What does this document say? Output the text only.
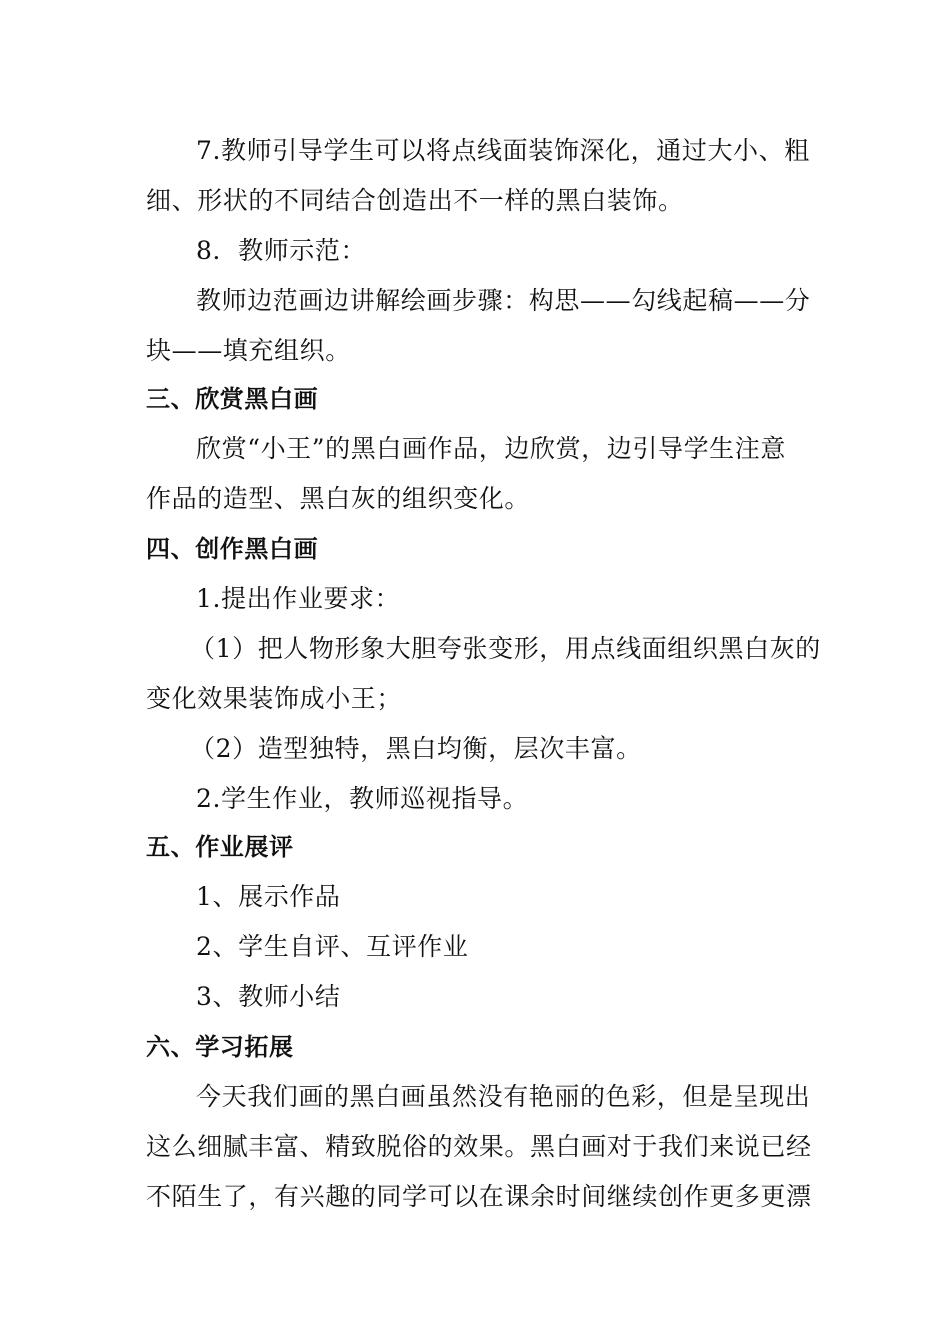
7.教师引导学生可以将点线面装饰深化，通过大小、粗
细、形状的不同结合创造出不一样的黑白装饰。
8．教师示范：
教师边范画边讲解绘画步骤：构思——勾线起稿——分
块——填充组织。
三、欣赏黑白画
欣赏“小王”的黑白画作品，边欣赏，边引导学生注意
作品的造型、黑白灰的组织变化。
四、创作黑白画
1.提出作业要求：
（1）把人物形象大胆夸张变形，用点线面组织黑白灰的
变化效果装饰成小王；
（2）造型独特，黑白均衡，层次丰富。
2.学生作业，教师巡视指导。
五、作业展评
1、展示作品
2、学生自评、互评作业
3、教师小结
六、学习拓展
今天我们画的黑白画虽然没有艳丽的色彩，但是呈现出
这么细腻丰富、精致脱俗的效果。黑白画对于我们来说已经
不陌生了，有兴趣的同学可以在课余时间继续创作更多更漂
